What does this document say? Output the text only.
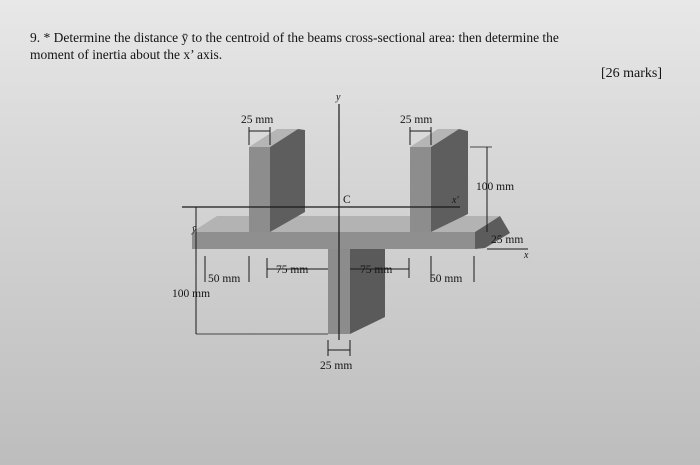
9. * Determine the distance ȳ to the centroid of the beams cross-sectional area: then determine the
moment of inertia about the x’ axis.
[26 marks]
y
x'
C
x
ȳ
100 mm
25 mm	25 mm
100 mm
25 mm
75 mm	75 mm
50 mm	50 mm
25 mm
